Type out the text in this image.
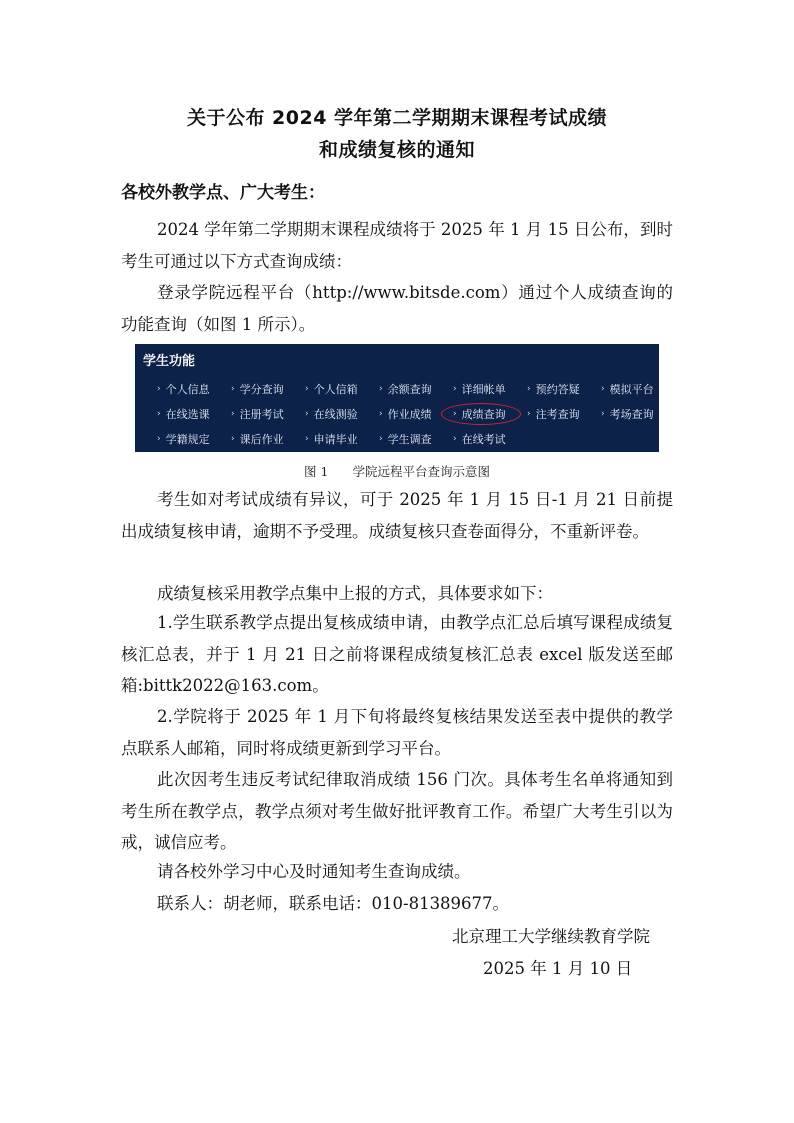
关于公布 2024 学年第二学期期末课程考试成绩
和成绩复核的通知
各校外教学点、广大考生：

2024 学年第二学期期末课程成绩将于 2025 年 1 月 15 日公布，到时考生可通过以下方式查询成绩：

登录学院远程平台（http://www.bitsde.com）通过个人成绩查询的功能查询（如图 1 所示）。

学生功能
› 个人信息 › 学分查询 › 个人信箱 › 余额查询 › 详细帐单 › 预约答疑 › 模拟平台
› 在线选课 › 注册考试 › 在线测验 › 作业成绩 › 成绩查询 › 注考查询 › 考场查询
› 学籍规定 › 课后作业 › 申请毕业 › 学生调查 › 在线考试
图 1 学院远程平台查询示意图

考生如对考试成绩有异议，可于 2025 年 1 月 15 日-1 月 21 日前提出成绩复核申请，逾期不予受理。成绩复核只查卷面得分，不重新评卷。

成绩复核采用教学点集中上报的方式，具体要求如下：

1.学生联系教学点提出复核成绩申请，由教学点汇总后填写课程成绩复核汇总表，并于 1 月 21 日之前将课程成绩复核汇总表 excel 版发送至邮箱:bittk2022@163.com。

2.学院将于 2025 年 1 月下旬将最终复核结果发送至表中提供的教学点联系人邮箱，同时将成绩更新到学习平台。

此次因考生违反考试纪律取消成绩 156 门次。具体考生名单将通知到考生所在教学点，教学点须对考生做好批评教育工作。希望广大考生引以为戒，诚信应考。

请各校外学习中心及时通知考生查询成绩。

联系人：胡老师，联系电话：010-81389677。

北京理工大学继续教育学院
2025 年 1 月 10 日
